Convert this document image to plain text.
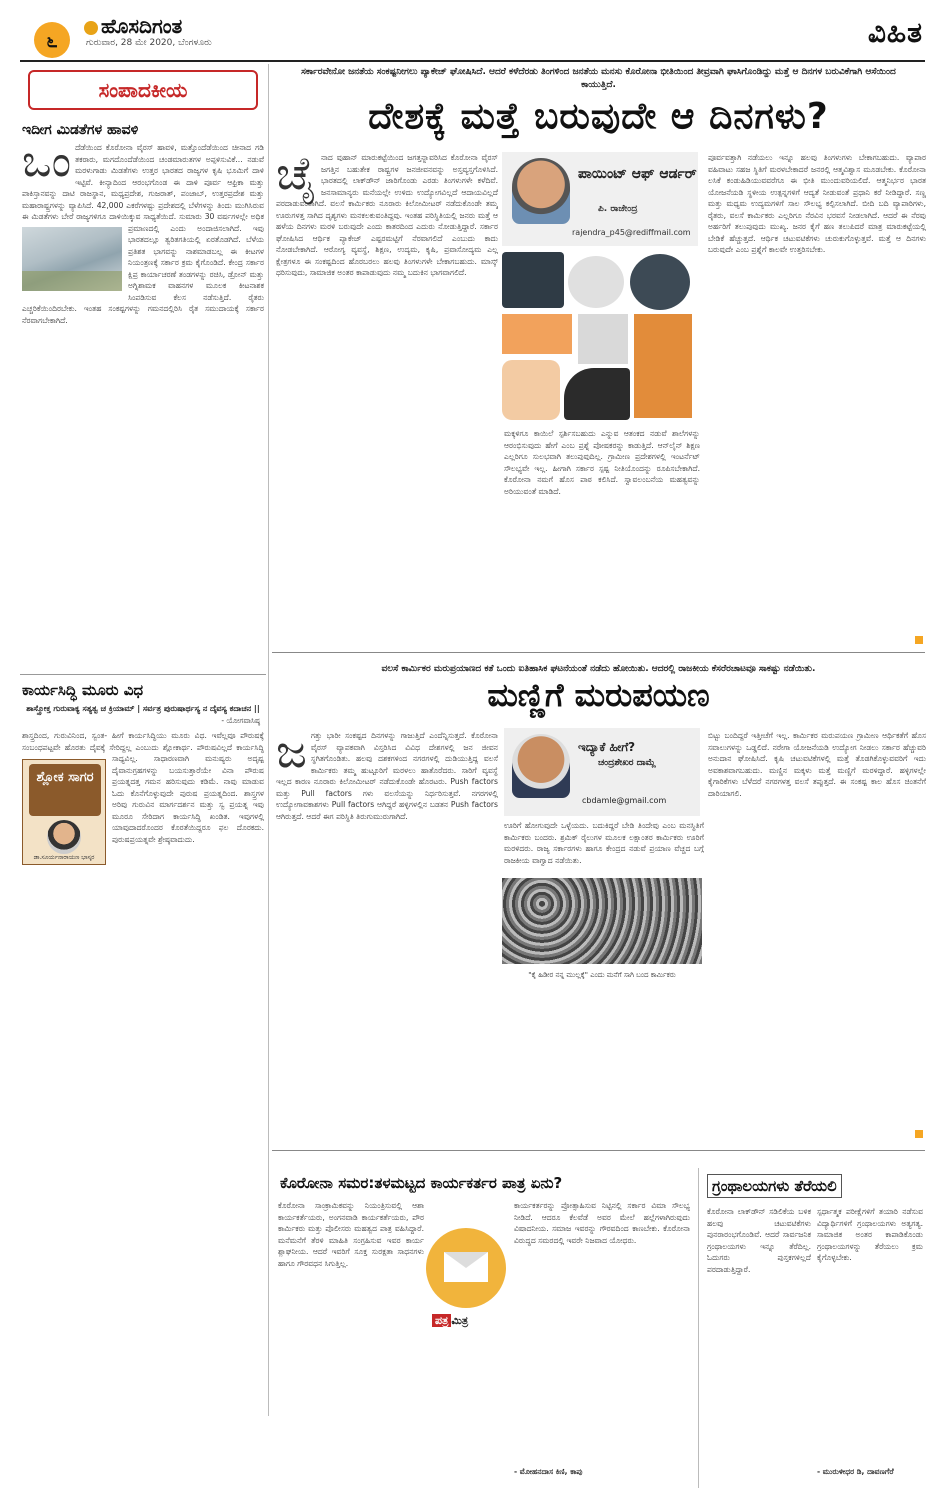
೬
ಹೊಸದಿಗಂತ
ಗುರುವಾರ, 28 ಮೇ 2020, ಬೆಂಗಳೂರು	ವಿಹಿತ
ಸಂಪಾದಕೀಯ
ಇದೀಗ ಮಿಡತೆಗಳ ಹಾವಳಿ
ಒಂ ದೆಡೆಯಿಂದ ಕೊರೋನಾ ವೈರಸ್ ಹಾವಳಿ, ಮತ್ತೊಂದೆಡೆಯಿಂದ ಚೀನಾದ ಗಡಿ ತಕರಾರು, ಮಗದೊಂದೆಡೆಯಿಂದ ಚಂಡಮಾರುತಗಳ ಅಪ್ಪಳಿಸುವಿಕೆ... ನಡುವೆ ಮರಳುಗಾಡು ಮಿಡತೆಗಳು ಉತ್ತರ ಭಾರತದ ರಾಜ್ಯಗಳ ಕೃಷಿ ಭೂಮಿಗೆ ದಾಳಿ ಇಟ್ಟಿವೆ. ಕೀನ್ಯಾದಿಂದ ಆರಂಭಗೊಂಡ ಈ ದಾಳಿ ಪೂರ್ವ ಆಫ್ರಿಕಾ ಮತ್ತು ಪಾಕಿಸ್ತಾನವನ್ನು ದಾಟಿ ರಾಜಸ್ಥಾನ, ಮಧ್ಯಪ್ರದೇಶ, ಗುಜರಾತ್, ಪಂಜಾಬ್, ಉತ್ತರಪ್ರದೇಶ ಮತ್ತು ಮಹಾರಾಷ್ಟ್ರಗಳನ್ನು ವ್ಯಾಪಿಸಿದೆ. 42,000 ಎಕರೆಗಳಷ್ಟು ಪ್ರದೇಶದಲ್ಲಿ ಬೆಳೆಗಳನ್ನು ತಿಂದು ಮುಗಿಸಿರುವ ಈ ಮಿಡತೆಗಳು ಬೇರೆ ರಾಜ್ಯಗಳಿಗೂ ದಾಳಿಯಿಕ್ಕುವ ಸಾಧ್ಯತೆಯಿದೆ. ಸುಮಾರು 30 ವರ್ಷಗಳಲ್ಲೇ ಅಧಿಕ ಪ್ರಮಾಣದಲ್ಲಿ ಎಂದು ಅಂದಾಜಿಸಲಾಗಿದೆ. ಇವು ಭಾರತದಲ್ಲೂ ತ್ವರಿತಗತಿಯಲ್ಲಿ ಏರತೊಡಗಿದೆ. ಬೆಳೆಯ ಪ್ರತಿಶತ ಭಾಗವನ್ನು ನಾಶಮಾಡಬಲ್ಲ ಈ ಕೀಟಗಳ ನಿಯಂತ್ರಣಕ್ಕೆ ಸರ್ಕಾರ ಕ್ರಮ ಕೈಗೊಂಡಿದೆ. ಕೇಂದ್ರ ಸರ್ಕಾರ ಕ್ಷಿಪ್ರ ಕಾರ್ಯಾಚರಣೆ ತಂಡಗಳನ್ನು ರಚಿಸಿ, ಡ್ರೋನ್ ಮತ್ತು ಅಗ್ನಿಶಾಮಕ ವಾಹನಗಳ ಮೂಲಕ ಕೀಟನಾಶಕ ಸಿಂಪಡಿಸುವ ಕೆಲಸ ನಡೆಸುತ್ತಿದೆ. ರೈತರು ಎಚ್ಚರಿಕೆಯಿಂದಿರಬೇಕು. ಇಂತಹ ಸಂಕಷ್ಟಗಳನ್ನು ಗಮನದಲ್ಲಿರಿಸಿ ರೈತ ಸಮುದಾಯಕ್ಕೆ ಸರ್ಕಾರ ನೆರವಾಗಬೇಕಾಗಿದೆ.
ಕಾರ್ಯಸಿದ್ಧಿ ಮೂರು ವಿಧ
ಶಾಸ್ತ್ರೋಕ್ತ ಗುರುವಾಕ್ಯ ಸತ್ಯತ್ವ ಚ ಕ್ರಿಯಾಮ್ | ಸರ್ವತ್ರ ಪುರುಷಾರ್ಥಸ್ಯ ನ ದೈವಸ್ಯ ಕದಾಚನ ||
- ಯೋಗವಾಸಿಷ್ಠ
ಶಾಸ್ತ್ರದಿಂದ, ಗುರುವಿನಿಂದ, ಸ್ವಂತ- ಹೀಗೆ ಕಾರ್ಯಸಿದ್ಧಿಯು ಮೂರು ವಿಧ. ಇವೆಲ್ಲವೂ ಪೌರುಷಕ್ಕೆ ಸಂಬಂಧಪಟ್ಟವೇ ಹೊರತು ದೈವಕ್ಕೆ ಸೇರಿದ್ದಲ್ಲ ಎಂಬುದು ಶ್ಲೋಕಾರ್ಥ. ಪೌರುಷವಿಲ್ಲದೆ ಕಾರ್ಯಸಿದ್ಧಿ ಸಾಧ್ಯವಿಲ್ಲ.
ಶ್ಲೋಕ ಸಾಗರ
ಡಾ.ಸೂರ್ಯನಾರಾಯಣ ಭಾಸ್ಕರ
ಸಾಧಾರಣವಾಗಿ ಮನುಷ್ಯರು ಅದೃಷ್ಟ ದೈವಾನುಗ್ರಹಗಳನ್ನು ಬಯಸುತ್ತಾರೆಯೇ ವಿನಾ ಪೌರುಷ ಪ್ರಯತ್ನದತ್ತ ಗಮನ ಹರಿಸುವುದು ಕಡಿಮೆ. ನಾವು ಮಾಡುವ ಓದು ಕೊನೆಗೊಳ್ಳುವುದೇ ಪುರುಷ ಪ್ರಯತ್ನದಿಂದ. ಶಾಸ್ತ್ರಗಳ ಅರಿವು ಗುರುವಿನ ಮಾರ್ಗದರ್ಶನ ಮತ್ತು ಸ್ವ ಪ್ರಯತ್ನ ಇವು ಮೂರೂ ಸೇರಿದಾಗ ಕಾರ್ಯಸಿದ್ಧಿ ಖಂಡಿತ. ಇವುಗಳಲ್ಲಿ ಯಾವುದಾದರೊಂದರ ಕೊರತೆಯಿದ್ದರೂ ಫಲ ದೊರಕದು. ಪುರುಷಪ್ರಯತ್ನವೇ ಶ್ರೇಷ್ಠವಾದುದು.
ಸರ್ಕಾರವೇನೋ ಜನತೆಯ ಸಂಕಷ್ಟನೀಗಲು ಪ್ಯಾಕೇಜ್ ಘೋಷಿಸಿದೆ. ಆದರೆ ಕಳೆದೆರಡು ತಿಂಗಳಿಂದ ಜನತೆಯ ಮನಸು ಕೊರೋನಾ ಭೀತಿಯಿಂದ ತೀವ್ರವಾಗಿ ಘಾಸಿಗೊಂಡಿದ್ದು ಮತ್ತೆ ಆ ದಿನಗಳ ಬರುವಿಕೆಗಾಗಿ ಆಸೆಯಿಂದ ಕಾಯುತ್ತಿದೆ.
ದೇಶಕ್ಕೆ ಮತ್ತೆ ಬರುವುದೇ ಆ ದಿನಗಳು?
ಚೈ ನಾದ ವುಹಾನ್ ಮಾರುಕಟ್ಟೆಯಿಂದ ಜಗತ್ತನ್ನಾವರಿಸಿದ ಕೊರೋನಾ ವೈರಸ್ ಜಗತ್ತಿನ ಬಹುತೇಕ ರಾಷ್ಟ್ರಗಳ ಜನಜೀವನವನ್ನು ಅಸ್ತವ್ಯಸ್ತಗೊಳಿಸಿದೆ. ಭಾರತದಲ್ಲಿ ಲಾಕ್‌ಡೌನ್ ಜಾರಿಗೊಂಡು ಎರಡು ತಿಂಗಳುಗಳೇ ಕಳೆದಿವೆ. ಜನಸಾಮಾನ್ಯರು ಮನೆಯಲ್ಲೇ ಉಳಿದು ಉದ್ಯೋಗವಿಲ್ಲದೆ ಆದಾಯವಿಲ್ಲದೆ ಪರದಾಡುವಂತಾಗಿದೆ. ವಲಸೆ ಕಾರ್ಮಿಕರು ನೂರಾರು ಕಿಲೋಮೀಟರ್ ನಡೆದುಕೊಂಡೇ ತಮ್ಮ ಊರುಗಳತ್ತ ಸಾಗಿದ ದೃಶ್ಯಗಳು ಮನಕಲಕುವಂತಿದ್ದವು. ಇಂತಹ ಪರಿಸ್ಥಿತಿಯಲ್ಲಿ ಜನರು ಮತ್ತೆ ಆ ಹಳೆಯ ದಿನಗಳು ಮರಳಿ ಬರುವುದೇ ಎಂದು ಕಾತರದಿಂದ ಎದುರು ನೋಡುತ್ತಿದ್ದಾರೆ. ಸರ್ಕಾರ ಘೋಷಿಸಿದ ಆರ್ಥಿಕ ಪ್ಯಾಕೇಜ್ ಎಷ್ಟರಮಟ್ಟಿಗೆ ನೆರವಾಗಲಿದೆ ಎಂಬುದು ಕಾದು ನೋಡಬೇಕಾಗಿದೆ. ಆರೋಗ್ಯ ವ್ಯವಸ್ಥೆ, ಶಿಕ್ಷಣ, ಉದ್ಯಮ, ಕೃಷಿ, ಪ್ರವಾಸೋದ್ಯಮ ಎಲ್ಲ ಕ್ಷೇತ್ರಗಳೂ ಈ ಸಂಕಷ್ಟದಿಂದ ಹೊರಬರಲು ಹಲವು ತಿಂಗಳುಗಳೇ ಬೇಕಾಗಬಹುದು. ಮಾಸ್ಕ್ ಧರಿಸುವುದು, ಸಾಮಾಜಿಕ ಅಂತರ ಕಾಪಾಡುವುದು ನಮ್ಮ ಬದುಕಿನ ಭಾಗವಾಗಲಿದೆ.
ಪಾಯಿಂಟ್ ಆಫ್ ಆರ್ಡರ್
ಪಿ. ರಾಜೇಂದ್ರ
rajendra_p45@rediffmail.com
ಮಕ್ಕಳಿಗೂ ಕಾಯಿಲೆ ಸ್ಪರ್ಶಿಸಬಹುದು ಎನ್ನುವ ಆತಂಕದ ನಡುವೆ ಶಾಲೆಗಳನ್ನು ಆರಂಭಿಸುವುದು ಹೇಗೆ ಎಂಬ ಪ್ರಶ್ನೆ ಪೋಷಕರನ್ನು ಕಾಡುತ್ತಿದೆ. ಆನ್‌ಲೈನ್ ಶಿಕ್ಷಣ ಎಲ್ಲರಿಗೂ ಸುಲಭವಾಗಿ ತಲುಪುವುದಿಲ್ಲ. ಗ್ರಾಮೀಣ ಪ್ರದೇಶಗಳಲ್ಲಿ ಇಂಟರ್ನೆಟ್ ಸೌಲಭ್ಯವೇ ಇಲ್ಲ. ಹೀಗಾಗಿ ಸರ್ಕಾರ ಸ್ಪಷ್ಟ ನೀತಿಯೊಂದನ್ನು ರೂಪಿಸಬೇಕಾಗಿದೆ. ಕೊರೋನಾ ನಮಗೆ ಹೊಸ ಪಾಠ ಕಲಿಸಿದೆ. ಸ್ವಾವಲಂಬನೆಯ ಮಹತ್ವವನ್ನು ಅರಿಯುವಂತೆ ಮಾಡಿದೆ.
ಪೂರ್ವವತ್ತಾಗಿ ನಡೆಯಲು ಇನ್ನೂ ಹಲವು ತಿಂಗಳುಗಳು ಬೇಕಾಗಬಹುದು. ವ್ಯಾಪಾರ ವಹಿವಾಟು ಸಹಜ ಸ್ಥಿತಿಗೆ ಮರಳಬೇಕಾದರೆ ಜನರಲ್ಲಿ ಆತ್ಮವಿಶ್ವಾಸ ಮೂಡಬೇಕು. ಕೊರೋನಾ ಲಸಿಕೆ ಕಂಡುಹಿಡಿಯುವವರೆಗೂ ಈ ಭೀತಿ ಮುಂದುವರಿಯಲಿದೆ. ಆತ್ಮನಿರ್ಭರ ಭಾರತ ಯೋಜನೆಯಡಿ ಸ್ಥಳೀಯ ಉತ್ಪನ್ನಗಳಿಗೆ ಆದ್ಯತೆ ನೀಡುವಂತೆ ಪ್ರಧಾನಿ ಕರೆ ನೀಡಿದ್ದಾರೆ. ಸಣ್ಣ ಮತ್ತು ಮಧ್ಯಮ ಉದ್ಯಮಗಳಿಗೆ ಸಾಲ ಸೌಲಭ್ಯ ಕಲ್ಪಿಸಲಾಗಿದೆ. ಬೀದಿ ಬದಿ ವ್ಯಾಪಾರಿಗಳು, ರೈತರು, ವಲಸೆ ಕಾರ್ಮಿಕರು ಎಲ್ಲರಿಗೂ ನೆರವಿನ ಭರವಸೆ ನೀಡಲಾಗಿದೆ. ಆದರೆ ಈ ನೆರವು ಅರ್ಹರಿಗೆ ತಲುಪುವುದು ಮುಖ್ಯ. ಜನರ ಕೈಗೆ ಹಣ ತಲುಪಿದರೆ ಮಾತ್ರ ಮಾರುಕಟ್ಟೆಯಲ್ಲಿ ಬೇಡಿಕೆ ಹೆಚ್ಚುತ್ತದೆ. ಆರ್ಥಿಕ ಚಟುವಟಿಕೆಗಳು ಚುರುಕುಗೊಳ್ಳುತ್ತವೆ. ಮತ್ತೆ ಆ ದಿನಗಳು ಬರುವುದೇ ಎಂಬ ಪ್ರಶ್ನೆಗೆ ಕಾಲವೇ ಉತ್ತರಿಸಬೇಕು.
ವಲಸೆ ಕಾರ್ಮಿಕರ ಮರುಪ್ರಯಾಣದ ಕತೆ ಒಂದು ಐತಿಹಾಸಿಕ ಘಟನೆಯಂತೆ ನಡೆದು ಹೋಯಿತು. ಆದರಲ್ಲಿ ರಾಜಕೀಯ ಕೆಸರೆರಚಾಟವೂ ಸಾಕಷ್ಟು ನಡೆಯಿತು.
ಮಣ್ಣಿಗೆ ಮರುಪಯಣ
ಜ ಗತ್ತು ಭಾರೀ ಸಂಕಷ್ಟದ ದಿನಗಳನ್ನು ಗಾಜುತ್ತಿದೆ ಎಂದೆನ್ನಿಸುತ್ತದೆ. ಕೊರೋನಾ ವೈರಸ್ ವ್ಯಾಪಕವಾಗಿ ವಿಸ್ತರಿಸಿದ ವಿವಿಧ ದೇಶಗಳಲ್ಲಿ ಜನ ಜೀವನ ಸ್ಥಗಿತಗೊಂಡಿತು. ಹಲವು ದಶಕಗಳಿಂದ ನಗರಗಳಲ್ಲಿ ದುಡಿಯುತ್ತಿದ್ದ ವಲಸೆ ಕಾರ್ಮಿಕರು ತಮ್ಮ ಹುಟ್ಟೂರಿಗೆ ಮರಳಲು ಹಾತೊರೆದರು. ಸಾರಿಗೆ ವ್ಯವಸ್ಥೆ ಇಲ್ಲದ ಕಾರಣ ನೂರಾರು ಕಿಲೋಮೀಟರ್ ನಡೆದುಕೊಂಡೇ ಹೊರಟರು. Push factors ಮತ್ತು Pull factors ಗಳು ವಲಸೆಯನ್ನು ನಿರ್ಧರಿಸುತ್ತವೆ. ನಗರಗಳಲ್ಲಿ ಉದ್ಯೋಗಾವಕಾಶಗಳು Pull factors ಆಗಿದ್ದರೆ ಹಳ್ಳಿಗಳಲ್ಲಿನ ಬಡತನ Push factors ಆಗಿರುತ್ತದೆ. ಆದರೆ ಈಗ ಪರಿಸ್ಥಿತಿ ತಿರುಗುಮುರುಗಾಗಿದೆ.
ಇದ್ಯಾಕೆ ಹೀಗೆ?
ಚಂದ್ರಶೇಖರ ದಾಮ್ಲೆ
cbdamle@gmail.com
ಊರಿಗೆ ಹೋಗುವುದೇ ಒಳ್ಳೆಯದು. ಬದುಕಿದ್ದರೆ ಬೇಡಿ ತಿಂದೇವು ಎಂಬ ಮನಸ್ಥಿತಿಗೆ ಕಾರ್ಮಿಕರು ಬಂದರು. ಶ್ರಮಿಕ್ ರೈಲುಗಳ ಮೂಲಕ ಲಕ್ಷಾಂತರ ಕಾರ್ಮಿಕರು ಊರಿಗೆ ಮರಳಿದರು. ರಾಜ್ಯ ಸರ್ಕಾರಗಳು ಹಾಗೂ ಕೇಂದ್ರದ ನಡುವೆ ಪ್ರಯಾಣ ವೆಚ್ಚದ ಬಗ್ಗೆ ರಾಜಕೀಯ ವಾಗ್ವಾದ ನಡೆಯಿತು.
"ಕೈ ಹಿಡೀರ ನನ್ನ ಮುಲ್ಲಕ್ಕೆ" ಎಂದು ಮನೆಗೆ ಸಾಗಿ ಬಂದ ಕಾರ್ಮಿಕರು
ಬಿಟ್ಟು ಬಂದಿದ್ದರೆ ಇತ್ತೀಚೆಗೆ ಇಲ್ಲ. ಕಾರ್ಮಿಕರ ಮರುಪಯಣ ಗ್ರಾಮೀಣ ಆರ್ಥಿಕತೆಗೆ ಹೊಸ ಸವಾಲುಗಳನ್ನು ಒಡ್ಡಲಿದೆ. ನರೇಗಾ ಯೋಜನೆಯಡಿ ಉದ್ಯೋಗ ನೀಡಲು ಸರ್ಕಾರ ಹೆಚ್ಚುವರಿ ಅನುದಾನ ಘೋಷಿಸಿದೆ. ಕೃಷಿ ಚಟುವಟಿಕೆಗಳಲ್ಲಿ ಮತ್ತೆ ತೊಡಗಿಕೊಳ್ಳುವವರಿಗೆ ಇದು ಅವಕಾಶವಾಗಬಹುದು. ಮಣ್ಣಿನ ಮಕ್ಕಳು ಮತ್ತೆ ಮಣ್ಣಿಗೆ ಮರಳಿದ್ದಾರೆ. ಹಳ್ಳಿಗಳಲ್ಲೇ ಕೈಗಾರಿಕೆಗಳು ಬೆಳೆದರೆ ನಗರಗಳತ್ತ ವಲಸೆ ತಪ್ಪುತ್ತದೆ. ಈ ಸಂಕಷ್ಟ ಕಾಲ ಹೊಸ ಚಿಂತನೆಗೆ ದಾರಿಯಾಗಲಿ.
ಕೊರೋನಾ ಸಮರ:ತಳಮಟ್ಟದ ಕಾರ್ಯಕರ್ತರ ಪಾತ್ರ ಏನು?
ಕೊರೋನಾ ಸಾಂಕ್ರಾಮಿಕವನ್ನು ನಿಯಂತ್ರಿಸುವಲ್ಲಿ ಆಶಾ ಕಾರ್ಯಕರ್ತೆಯರು, ಅಂಗನವಾಡಿ ಕಾರ್ಯಕರ್ತೆಯರು, ಪೌರ ಕಾರ್ಮಿಕರು ಮತ್ತು ಪೊಲೀಸರು ಮಹತ್ವದ ಪಾತ್ರ ವಹಿಸಿದ್ದಾರೆ. ಮನೆಮನೆಗೆ ತೆರಳಿ ಮಾಹಿತಿ ಸಂಗ್ರಹಿಸುವ ಇವರ ಕಾರ್ಯ ಶ್ಲಾಘನೀಯ. ಆದರೆ ಇವರಿಗೆ ಸೂಕ್ತ ಸುರಕ್ಷತಾ ಸಾಧನಗಳು ಹಾಗೂ ಗೌರವಧನ ಸಿಗುತ್ತಿಲ್ಲ.
ಪತ್ರ ಮಿತ್ರ
ಕಾರ್ಯಕರ್ತರನ್ನು ಪ್ರೋತ್ಸಾಹಿಸುವ ನಿಟ್ಟಿನಲ್ಲಿ ಸರ್ಕಾರ ವಿಮಾ ಸೌಲಭ್ಯ ನೀಡಿದೆ. ಆದರೂ ಕೆಲವೆಡೆ ಅವರ ಮೇಲೆ ಹಲ್ಲೆಗಳಾಗಿರುವುದು ವಿಷಾದನೀಯ. ಸಮಾಜ ಇವರನ್ನು ಗೌರವದಿಂದ ಕಾಣಬೇಕು. ಕೊರೋನಾ ವಿರುದ್ಧದ ಸಮರದಲ್ಲಿ ಇವರೇ ನಿಜವಾದ ಯೋಧರು.
- ಮೋಹನದಾಸ ಕಿಣಿ, ಕಾಪು
ಗ್ರಂಥಾಲಯಗಳು ತೆರೆಯಲಿ
ಕೊರೋನಾ ಲಾಕ್‌ಡೌನ್ ಸಡಿಲಿಕೆಯ ಬಳಿಕ ಹಲವು ಚಟುವಟಿಕೆಗಳು ಪುನರಾರಂಭಗೊಂಡಿವೆ. ಆದರೆ ಸಾರ್ವಜನಿಕ ಗ್ರಂಥಾಲಯಗಳು ಇನ್ನೂ ತೆರೆದಿಲ್ಲ. ಓದುಗರು ಪುಸ್ತಕಗಳಿಲ್ಲದೆ ಪರದಾಡುತ್ತಿದ್ದಾರೆ.
ಸ್ಪರ್ಧಾತ್ಮಕ ಪರೀಕ್ಷೆಗಳಿಗೆ ತಯಾರಿ ನಡೆಸುವ ವಿದ್ಯಾರ್ಥಿಗಳಿಗೆ ಗ್ರಂಥಾಲಯಗಳು ಅತ್ಯಗತ್ಯ. ಸಾಮಾಜಿಕ ಅಂತರ ಕಾಪಾಡಿಕೊಂಡು ಗ್ರಂಥಾಲಯಗಳನ್ನು ತೆರೆಯಲು ಕ್ರಮ ಕೈಗೊಳ್ಳಬೇಕು.
- ಮುರುಳೀಧರ ಡಿ, ದಾವಣಗೆರೆ
